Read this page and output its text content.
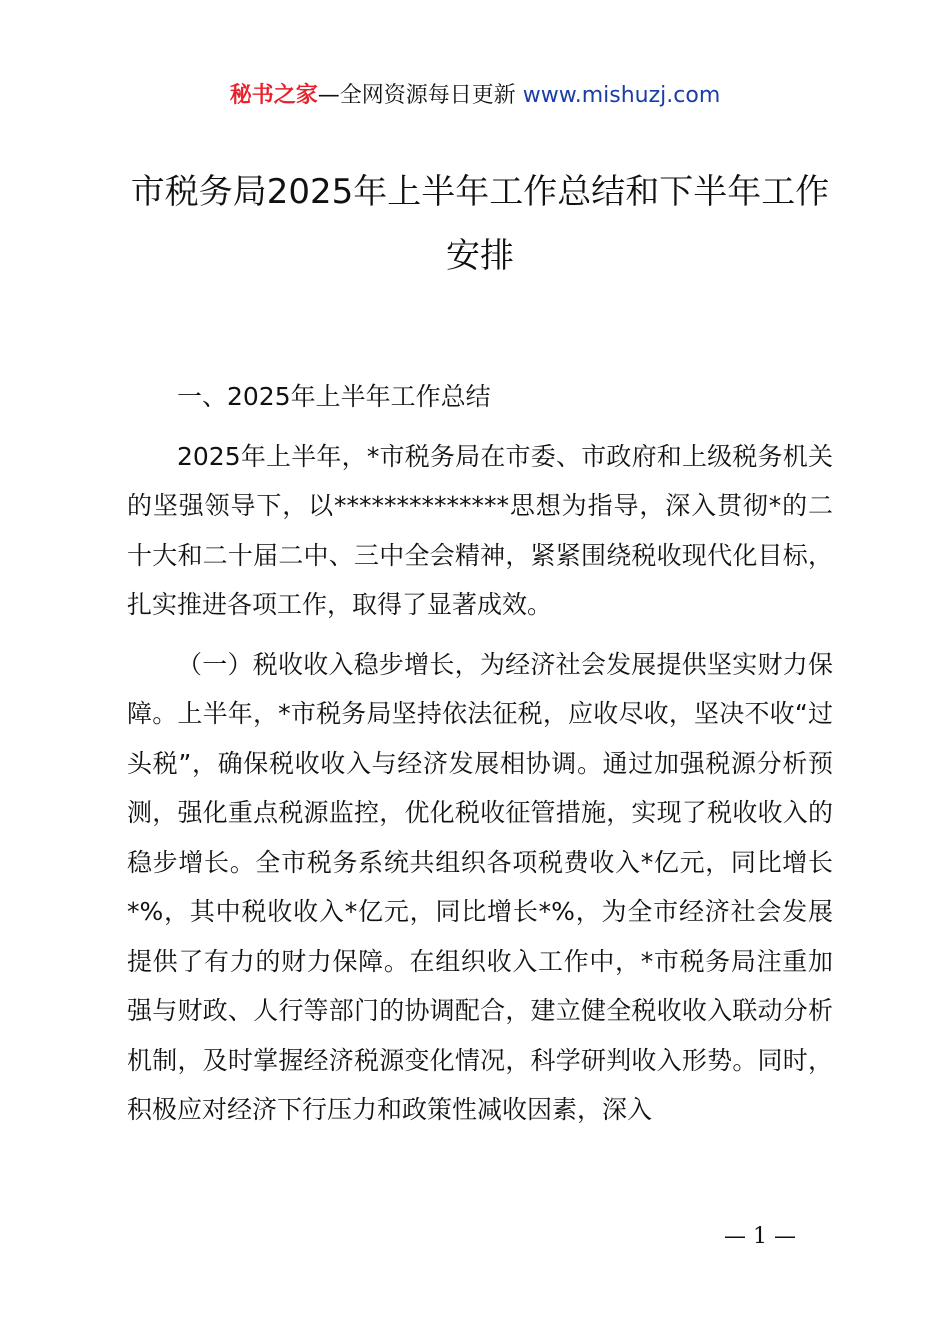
秘书之家—全网资源每日更新 www.mishuzj.com
市税务局2025年上半年工作总结和下半年工作安排

一、2025年上半年工作总结

2025年上半年，*市税务局在市委、市政府和上级税务机关的坚强领导下，以**************思想为指导，深入贯彻*的二十大和二十届二中、三中全会精神，紧紧围绕税收现代化目标，扎实推进各项工作，取得了显著成效。

（一）税收收入稳步增长，为经济社会发展提供坚实财力保障。上半年，*市税务局坚持依法征税，应收尽收，坚决不收“过头税”，确保税收收入与经济发展相协调。通过加强税源分析预测，强化重点税源监控，优化税收征管措施，实现了税收收入的稳步增长。全市税务系统共组织各项税费收入*亿元，同比增长*%，其中税收收入*亿元，同比增长*%，为全市经济社会发展提供了有力的财力保障。在组织收入工作中，*市税务局注重加强与财政、人行等部门的协调配合，建立健全税收收入联动分析机制，及时掌握经济税源变化情况，科学研判收入形势。同时，积极应对经济下行压力和政策性减收因素，深入

— 1 —
